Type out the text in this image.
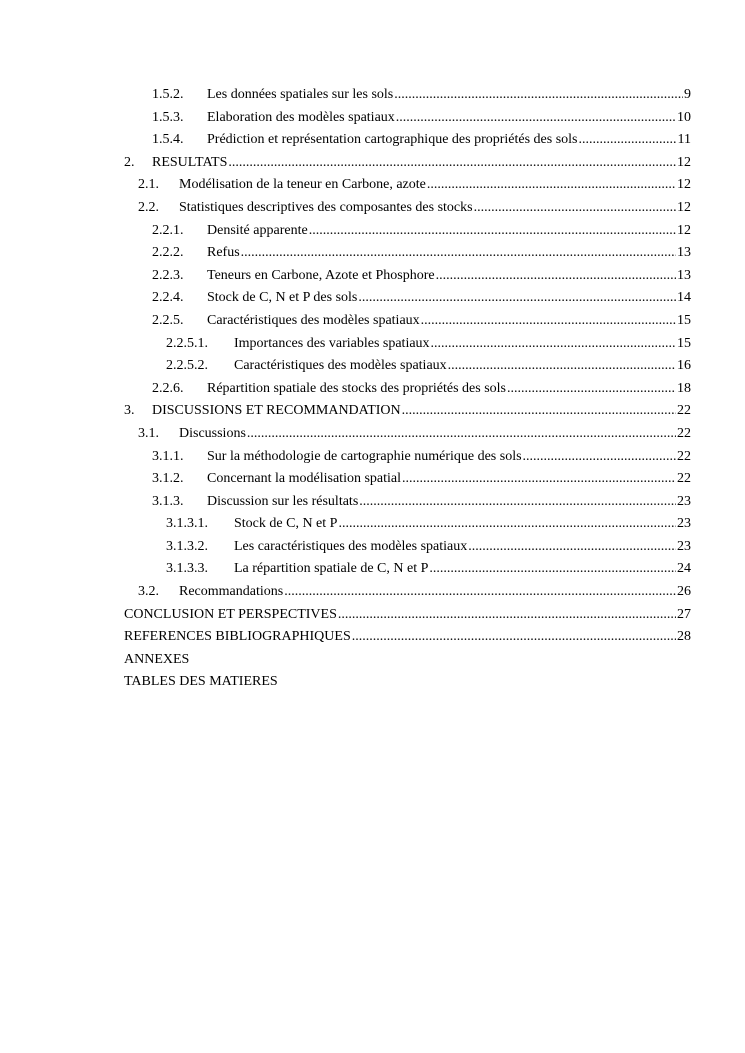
1.5.2.	Les données spatiales sur les sols .....	9
1.5.3.	Elaboration des modèles spatiaux .....	10
1.5.4.	Prédiction et représentation cartographique des propriétés des sols .....	11
2.	RESULTATS .....	12
2.1.	Modélisation de la teneur en Carbone, azote .....	12
2.2.	Statistiques descriptives des composantes des stocks .....	12
2.2.1.	Densité apparente .....	12
2.2.2.	Refus .....	13
2.2.3.	Teneurs en Carbone, Azote et Phosphore .....	13
2.2.4.	Stock de C, N et P des sols .....	14
2.2.5.	Caractéristiques des modèles spatiaux .....	15
2.2.5.1.	Importances des variables spatiaux .....	15
2.2.5.2.	Caractéristiques des modèles spatiaux .....	16
2.2.6.	Répartition spatiale des stocks des propriétés des sols .....	18
3.	DISCUSSIONS ET RECOMMANDATION .....	22
3.1.	Discussions .....	22
3.1.1.	Sur la méthodologie de cartographie numérique des sols .....	22
3.1.2.	Concernant la modélisation spatial .....	22
3.1.3.	Discussion sur les résultats .....	23
3.1.3.1.	Stock de C, N et P .....	23
3.1.3.2.	Les caractéristiques des modèles spatiaux .....	23
3.1.3.3.	La répartition spatiale de C, N et P .....	24
3.2.	Recommandations .....	26
CONCLUSION ET PERSPECTIVES .....	27
REFERENCES BIBLIOGRAPHIQUES .....	28
ANNEXES
TABLES DES MATIERES
